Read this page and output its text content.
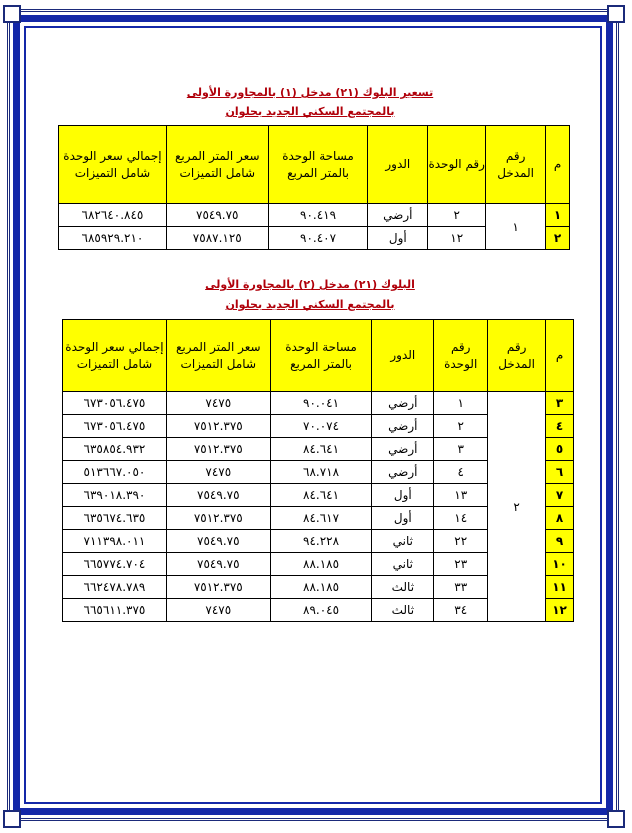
تسعير البلوك (٢١) مدخل (١) بالمجاورة الأولى
بالمجتمع السكني الجديد بحلوان
م	رقم المدخل	رقم الوحدة	الدور	مساحة الوحدة بالمتر المربع	سعر المتر المربع شامل التميزات	إجمالي سعر الوحدة شامل التميزات
١	١	٢	أرضي	٩٠.٤١٩	٧٥٤٩.٧٥	٦٨٢٦٤٠.٨٤٥
٢		١٢	أول	٩٠.٤٠٧	٧٥٨٧.١٢٥	٦٨٥٩٢٩.٢١٠
البلوك (٢١) مدخل (٢) بالمجاورة الأولى
بالمجتمع السكني الجديد بحلوان
م	رقم المدخل	رقم الوحدة	الدور	مساحة الوحدة بالمتر المربع	سعر المتر المربع شامل التميزات	إجمالي سعر الوحدة شامل التميزات
٣	٢	١	أرضي	٩٠.٠٤١	٧٤٧٥	٦٧٣٠٥٦.٤٧٥
٤		٢	أرضي	٧٠.٠٧٤	٧٥١٢.٣٧٥	٦٧٣٠٥٦.٤٧٥
٥		٣	أرضي	٨٤.٦٤١	٧٥١٢.٣٧٥	٦٣٥٨٥٤.٩٣٢
٦		٤	أرضي	٦٨.٧١٨	٧٤٧٥	٥١٣٦٦٧.٠٥٠
٧		١٣	أول	٨٤.٦٤١	٧٥٤٩.٧٥	٦٣٩٠١٨.٣٩٠
٨		١٤	أول	٨٤.٦١٧	٧٥١٢.٣٧٥	٦٣٥٦٧٤.٦٣٥
٩		٢٢	ثاني	٩٤.٢٢٨	٧٥٤٩.٧٥	٧١١٣٩٨.٠١١
١٠		٢٣	ثاني	٨٨.١٨٥	٧٥٤٩.٧٥	٦٦٥٧٧٤.٧٠٤
١١		٣٣	ثالث	٨٨.١٨٥	٧٥١٢.٣٧٥	٦٦٢٤٧٨.٧٨٩
١٢		٣٤	ثالث	٨٩.٠٤٥	٧٤٧٥	٦٦٥٦١١.٣٧٥
